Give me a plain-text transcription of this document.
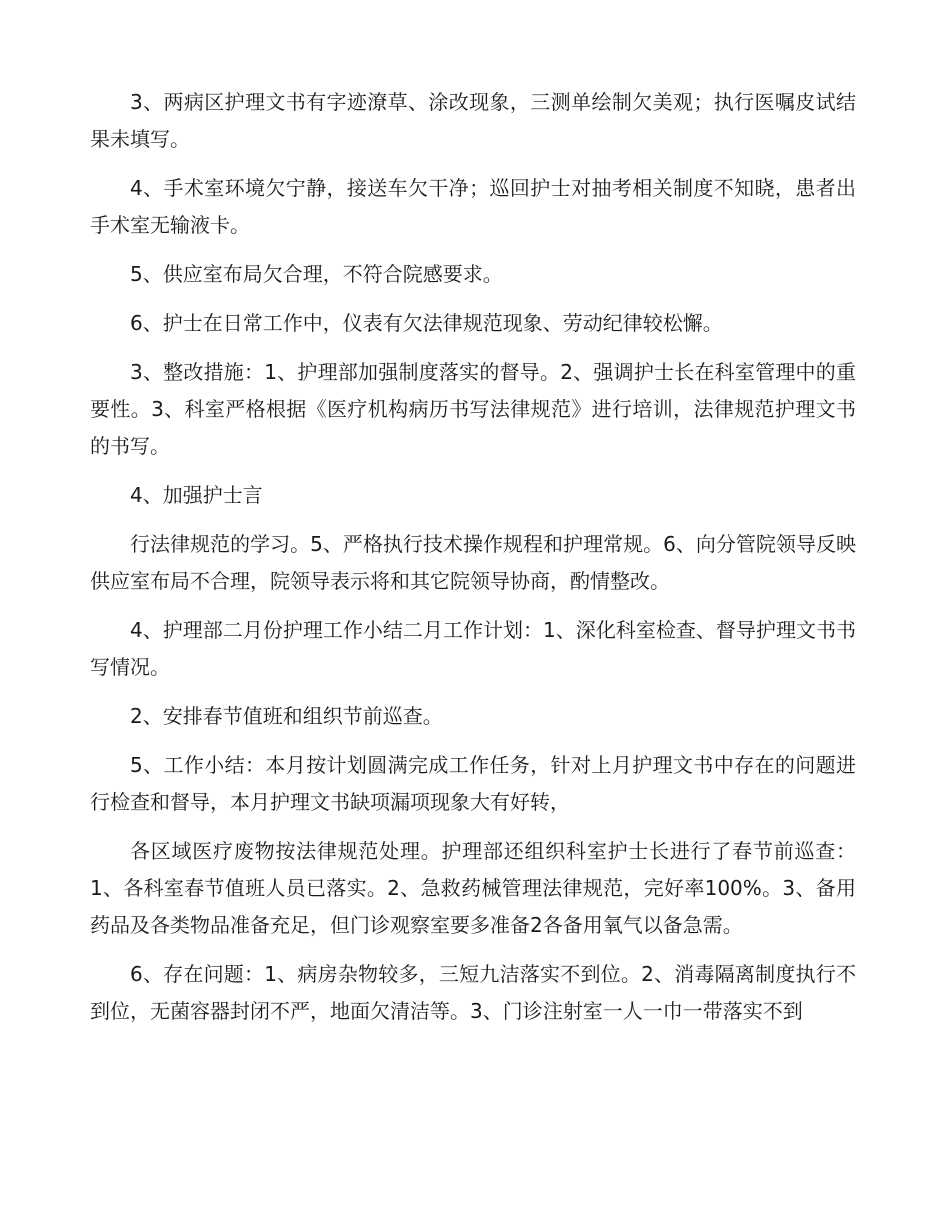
3、两病区护理文书有字迹潦草、涂改现象，三测单绘制欠美观；执行医嘱皮试结果未填写。

4、手术室环境欠宁静，接送车欠干净；巡回护士对抽考相关制度不知晓，患者出手术室无输液卡。

5、供应室布局欠合理，不符合院感要求。

6、护士在日常工作中，仪表有欠法律规范现象、劳动纪律较松懈。

3、整改措施：1、护理部加强制度落实的督导。2、强调护士长在科室管理中的重要性。3、科室严格根据《医疗机构病历书写法律规范》进行培训，法律规范护理文书的书写。

4、加强护士言

行法律规范的学习。5、严格执行技术操作规程和护理常规。6、向分管院领导反映供应室布局不合理，院领导表示将和其它院领导协商，酌情整改。

4、护理部二月份护理工作小结二月工作计划：1、深化科室检查、督导护理文书书写情况。

2、安排春节值班和组织节前巡查。

5、工作小结：本月按计划圆满完成工作任务，针对上月护理文书中存在的问题进行检查和督导，本月护理文书缺项漏项现象大有好转，

各区域医疗废物按法律规范处理。护理部还组织科室护士长进行了春节前巡查：1、各科室春节值班人员已落实。2、急救药械管理法律规范，完好率100%。3、备用药品及各类物品准备充足，但门诊观察室要多准备2各备用氧气以备急需。

6、存在问题：1、病房杂物较多，三短九洁落实不到位。2、消毒隔离制度执行不到位，无菌容器封闭不严，地面欠清洁等。3、门诊注射室一人一巾一带落实不到
